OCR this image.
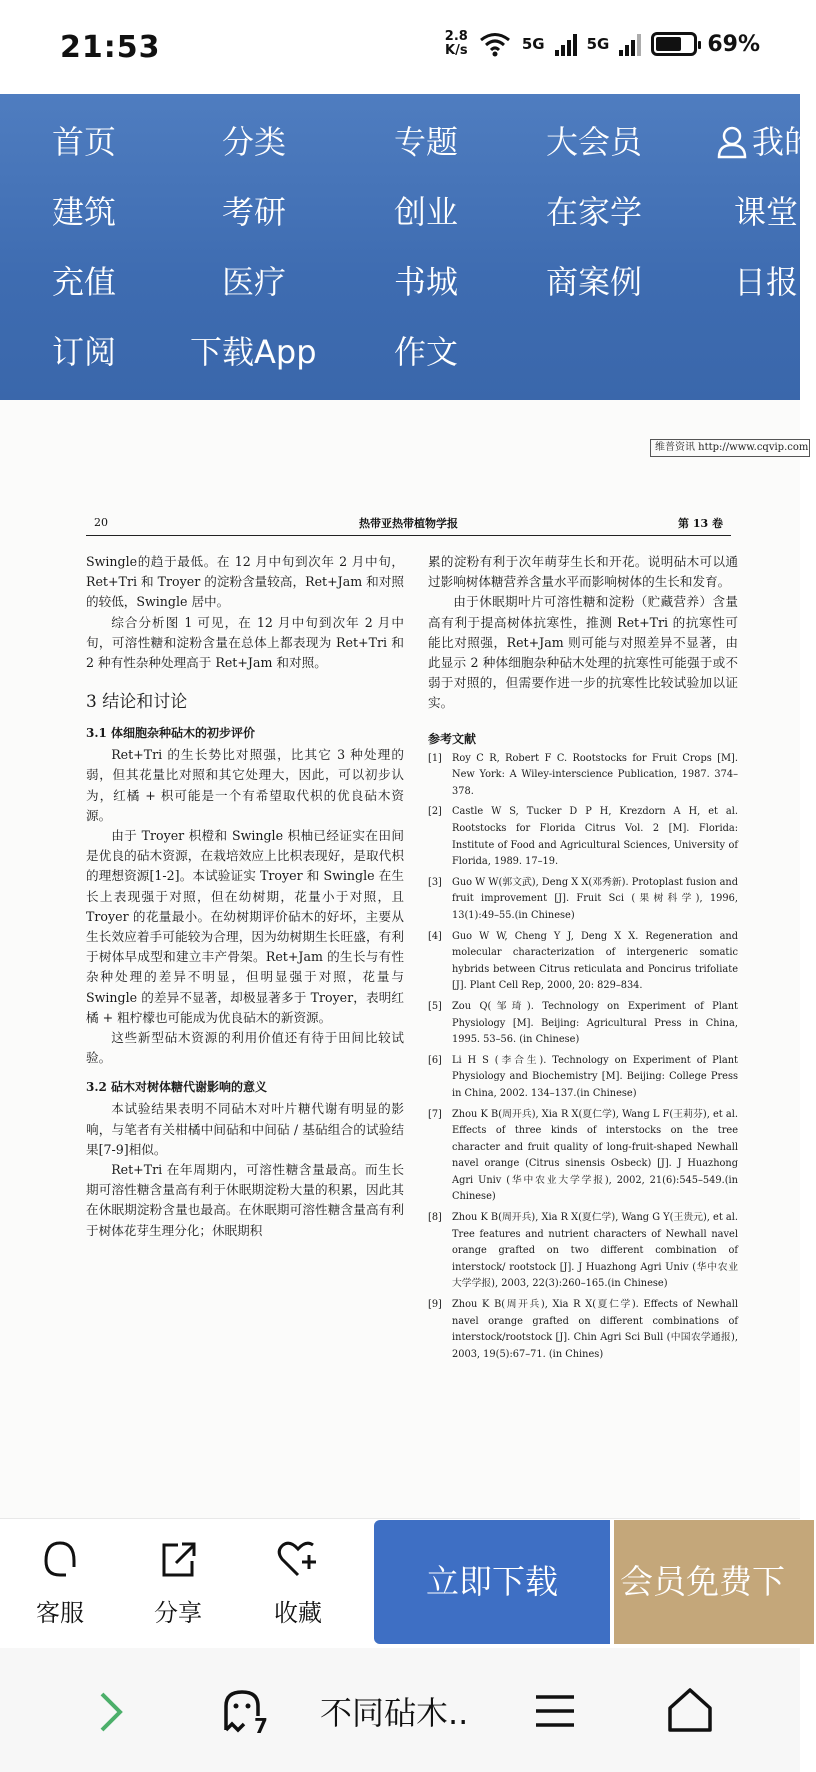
21:53	2.8
K/s	5G	5G	69%
首页	分类	专题	大会员	我的
建筑	考研	创业	在家学	课堂
充值	医疗	书城	商案例	日报
订阅 下载App 作文
维普资讯 http://www.cqvip.com
20	热带亚热带植物学报	第 13 卷

Swingle的趋于最低。在 12 月中旬到次年 2 月中旬，Ret+Tri 和 Troyer 的淀粉含量较高，Ret+Jam 和对照的较低，Swingle 居中。

综合分析图 1 可见，在 12 月中旬到次年 2 月中旬，可溶性糖和淀粉含量在总体上都表现为 Ret+Tri 和 2 种有性杂种处理高于 Ret+Jam 和对照。

3 结论和讨论
3.1 体细胞杂种砧木的初步评价

Ret+Tri 的生长势比对照强，比其它 3 种处理的弱，但其花量比对照和其它处理大，因此，可以初步认为，红橘 + 枳可能是一个有希望取代枳的优良砧木资源。

由于 Troyer 枳橙和 Swingle 枳柚已经证实在田间是优良的砧木资源，在栽培效应上比枳表现好，是取代枳的理想资源[1-2]。本试验证实 Troyer 和 Swingle 在生长上表现强于对照，但在幼树期，花量小于对照，且 Troyer 的花量最小。在幼树期评价砧木的好坏，主要从生长效应着手可能较为合理，因为幼树期生长旺盛，有利于树体早成型和建立丰产骨架。Ret+Jam 的生长与有性杂种处理的差异不明显，但明显强于对照，花量与 Swingle 的差异不显著，却极显著多于 Troyer，表明红橘 + 粗柠檬也可能成为优良砧木的新资源。

这些新型砧木资源的利用价值还有待于田间比较试验。

3.2 砧木对树体糖代谢影响的意义

本试验结果表明不同砧木对叶片糖代谢有明显的影响，与笔者有关柑橘中间砧和中间砧 / 基砧组合的试验结果[7-9]相似。

Ret+Tri 在年周期内，可溶性糖含量最高。而生长期可溶性糖含量高有利于休眠期淀粉大量的积累，因此其在休眠期淀粉含量也最高。在休眠期可溶性糖含量高有利于树体花芽生理分化；休眠期积

累的淀粉有利于次年萌芽生长和开花。说明砧木可以通过影响树体糖营养含量水平而影响树体的生长和发育。

由于休眠期叶片可溶性糖和淀粉（贮藏营养）含量高有利于提高树体抗寒性，推测 Ret+Tri 的抗寒性可能比对照强，Ret+Jam 则可能与对照差异不显著，由此显示 2 种体细胞杂种砧木处理的抗寒性可能强于或不弱于对照的，但需要作进一步的抗寒性比较试验加以证实。

参考文献
[1]	Roy C R, Robert F C. Rootstocks for Fruit Crops [M]. New York: A Wiley-interscience Publication, 1987. 374–378.
[2]	Castle W S, Tucker D P H, Krezdorn A H, et al. Rootstocks for Florida Citrus Vol. 2 [M]. Florida: Institute of Food and Agricultural Sciences, University of Florida, 1989. 17–19.
[3]	Guo W W(郭文武), Deng X X(邓秀新). Protoplast fusion and fruit improvement [J]. Fruit Sci (果树科学), 1996, 13(1):49–55.(in Chinese)
[4]	Guo W W, Cheng Y J, Deng X X. Regeneration and molecular characterization of intergeneric somatic hybrids between Citrus reticulata and Poncirus trifoliate [J]. Plant Cell Rep, 2000, 20: 829–834.
[5]	Zou Q(邹琦). Technology on Experiment of Plant Physiology [M]. Beijing: Agricultural Press in China, 1995. 53–56. (in Chinese)
[6]	Li H S (李合生). Technology on Experiment of Plant Physiology and Biochemistry [M]. Beijing: College Press in China, 2002. 134–137.(in Chinese)
[7]	Zhou K B(周开兵), Xia R X(夏仁学), Wang L F(王莉芬), et al. Effects of three kinds of interstocks on the tree character and fruit quality of long-fruit-shaped Newhall navel orange (Citrus sinensis Osbeck) [J]. J Huazhong Agri Univ (华中农业大学学报), 2002, 21(6):545–549.(in Chinese)
[8]	Zhou K B(周开兵), Xia R X(夏仁学), Wang G Y(王贵元), et al. Tree features and nutrient characters of Newhall navel orange grafted on two different combination of interstock/ rootstock [J]. J Huazhong Agri Univ (华中农业大学学报), 2003, 22(3):260–165.(in Chinese)
[9]	Zhou K B(周开兵), Xia R X(夏仁学). Effects of Newhall navel orange grafted on different combinations of interstock/rootstock [J]. Chin Agri Sci Bull (中国农学通报), 2003, 19(5):67–71. (in Chines)
客服	分享	收藏
立即下载	会员免费下
7 不同砧木..
